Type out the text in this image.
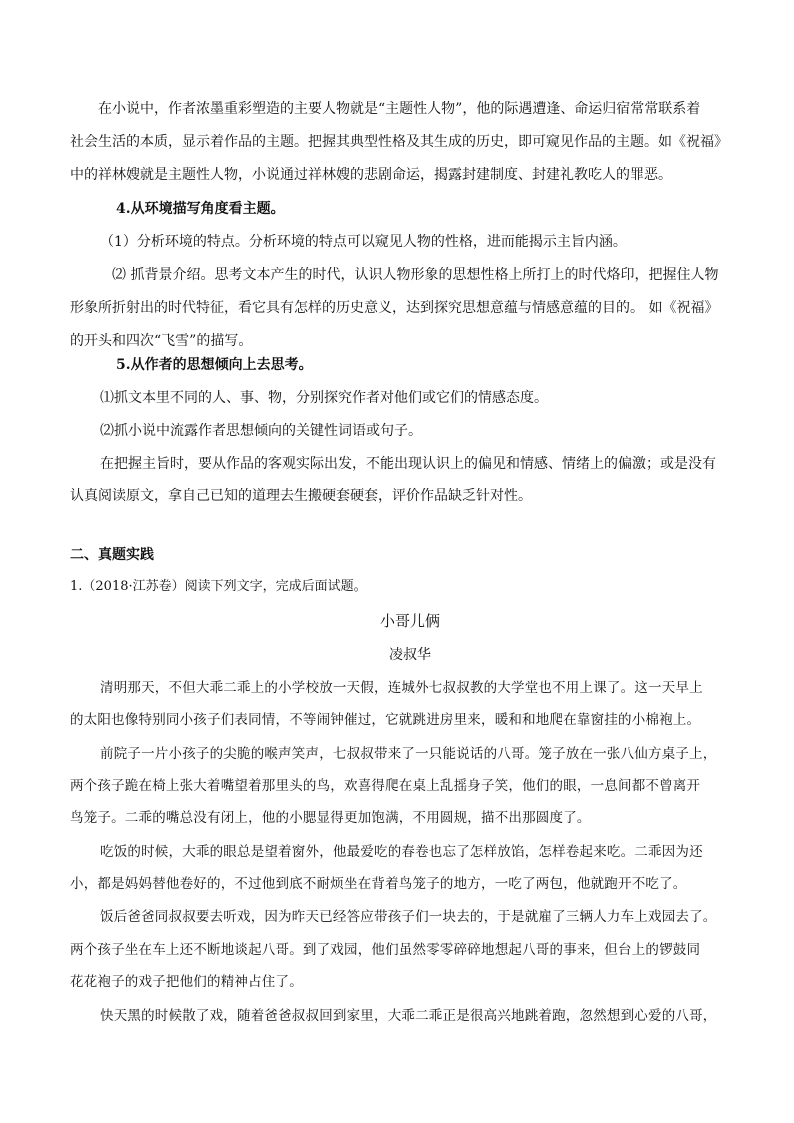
在小说中，作者浓墨重彩塑造的主要人物就是“主题性人物”，他的际遇遭逢、命运归宿常常联系着
社会生活的本质，显示着作品的主题。把握其典型性格及其生成的历史，即可窥见作品的主题。如《祝福》
中的祥林嫂就是主题性人物，小说通过祥林嫂的悲剧命运，揭露封建制度、封建礼教吃人的罪恶。
4.从环境描写角度看主题。
（1）分析环境的特点。分析环境的特点可以窥见人物的性格，进而能揭示主旨内涵。
⑵ 抓背景介绍。思考文本产生的时代，认识人物形象的思想性格上所打上的时代烙印，把握住人物
形象所折射出的时代特征，看它具有怎样的历史意义，达到探究思想意蕴与情感意蕴的目的。 如《祝福》
的开头和四次“飞雪”的描写。
5.从作者的思想倾向上去思考。
⑴抓文本里不同的人、事、物，分别探究作者对他们或它们的情感态度。
⑵抓小说中流露作者思想倾向的关键性词语或句子。
在把握主旨时，要从作品的客观实际出发，不能出现认识上的偏见和情感、情绪上的偏激；或是没有
认真阅读原文，拿自己已知的道理去生搬硬套硬套，评价作品缺乏针对性。
二、真题实践
1.（2018·江苏卷）阅读下列文字，完成后面试题。
小哥儿俩
凌叔华
清明那天，不但大乖二乖上的小学校放一天假，连城外七叔叔教的大学堂也不用上课了。这一天早上
的太阳也像特别同小孩子们表同情，不等闹钟催过，它就跳进房里来，暖和和地爬在靠窗挂的小棉袍上。
前院子一片小孩子的尖脆的喉声笑声，七叔叔带来了一只能说话的八哥。笼子放在一张八仙方桌子上，
两个孩子跪在椅上张大着嘴望着那里头的鸟，欢喜得爬在桌上乱摇身子笑，他们的眼，一息间都不曾离开
鸟笼子。二乖的嘴总没有闭上，他的小腮显得更加饱满，不用圆规，描不出那圆度了。
吃饭的时候，大乖的眼总是望着窗外，他最爱吃的春卷也忘了怎样放馅，怎样卷起来吃。二乖因为还
小，都是妈妈替他卷好的，不过他到底不耐烦坐在背着鸟笼子的地方，一吃了两包，他就跑开不吃了。
饭后爸爸同叔叔要去听戏，因为昨天已经答应带孩子们一块去的，于是就雇了三辆人力车上戏园去了。
两个孩子坐在车上还不断地谈起八哥。到了戏园，他们虽然零零碎碎地想起八哥的事来，但台上的锣鼓同
花花袍子的戏子把他们的精神占住了。
快天黑的时候散了戏，随着爸爸叔叔回到家里，大乖二乖正是很高兴地跳着跑，忽然想到心爱的八哥，
